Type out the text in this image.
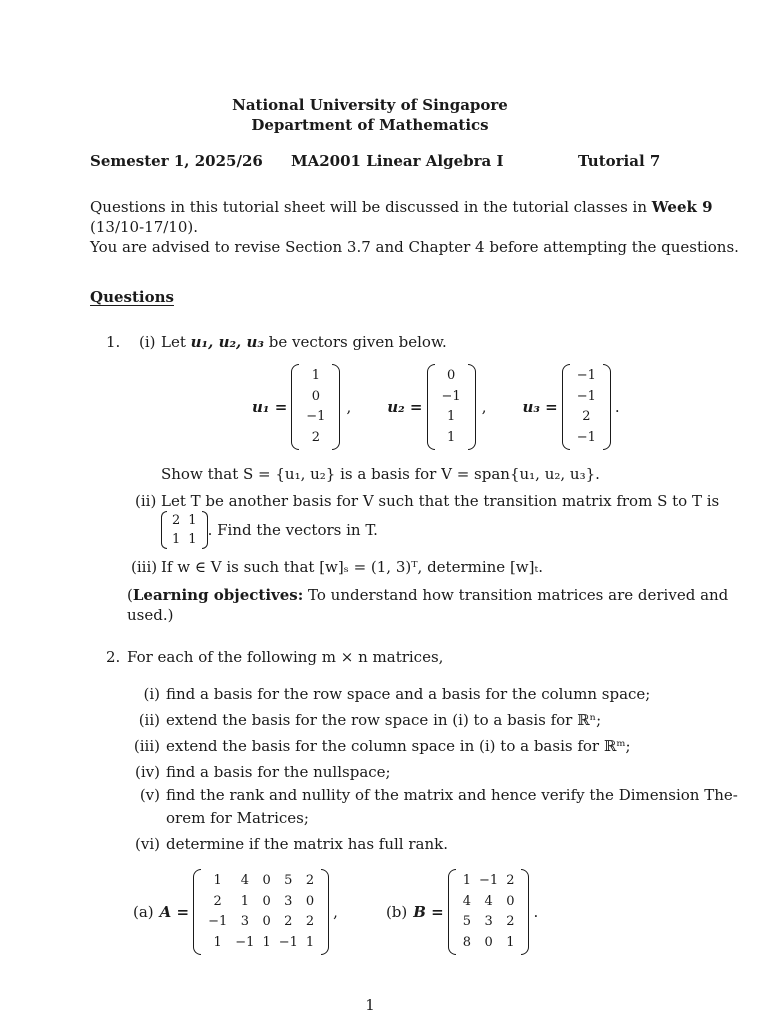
National University of Singapore
Department of Mathematics
Semester 1, 2025/26 MA2001 Linear Algebra I	Tutorial 7
Questions in this tutorial sheet will be discussed in the tutorial classes in Week 9
(13/10-17/10).
You are advised to revise Section 3.7 and Chapter 4 before attempting the questions.
Questions
1. (i) Let u₁, u₂, u₃ be vectors given below.
u₁ =
1
0
−1
2
, u₂ =
0
−1
1
1
, u₃ =
−1
−1
2
−1
.
Show that S = {u₁, u₂} is a basis for V = span{u₁, u₂, u₃}.
(ii) Let T be another basis for V such that the transition matrix from S to T is
2 1
1 1
. Find the vectors in T.
(iii) If w ∈ V is such that [w]ₛ = (1, 3)ᵀ, determine [w]ₜ.
(Learning objectives: To understand how transition matrices are derived and
used.)
2. For each of the following m × n matrices,
(i) find a basis for the row space and a basis for the column space;
(ii) extend the basis for the row space in (i) to a basis for ℝⁿ;
(iii) extend the basis for the column space in (i) to a basis for ℝᵐ;
(iv) find a basis for the nullspace;
(v) find the rank and nullity of the matrix and hence verify the Dimension The-
orem for Matrices;
(vi) determine if the matrix has full rank.
(a) A =
1	4	0	5	2
2	1	0	3	0
−1	3	0	2	2
1	−1 1 −1 1
,	(b) B =
1 −1 2
4	4	0
5	3	2
8	0	1
.
1
